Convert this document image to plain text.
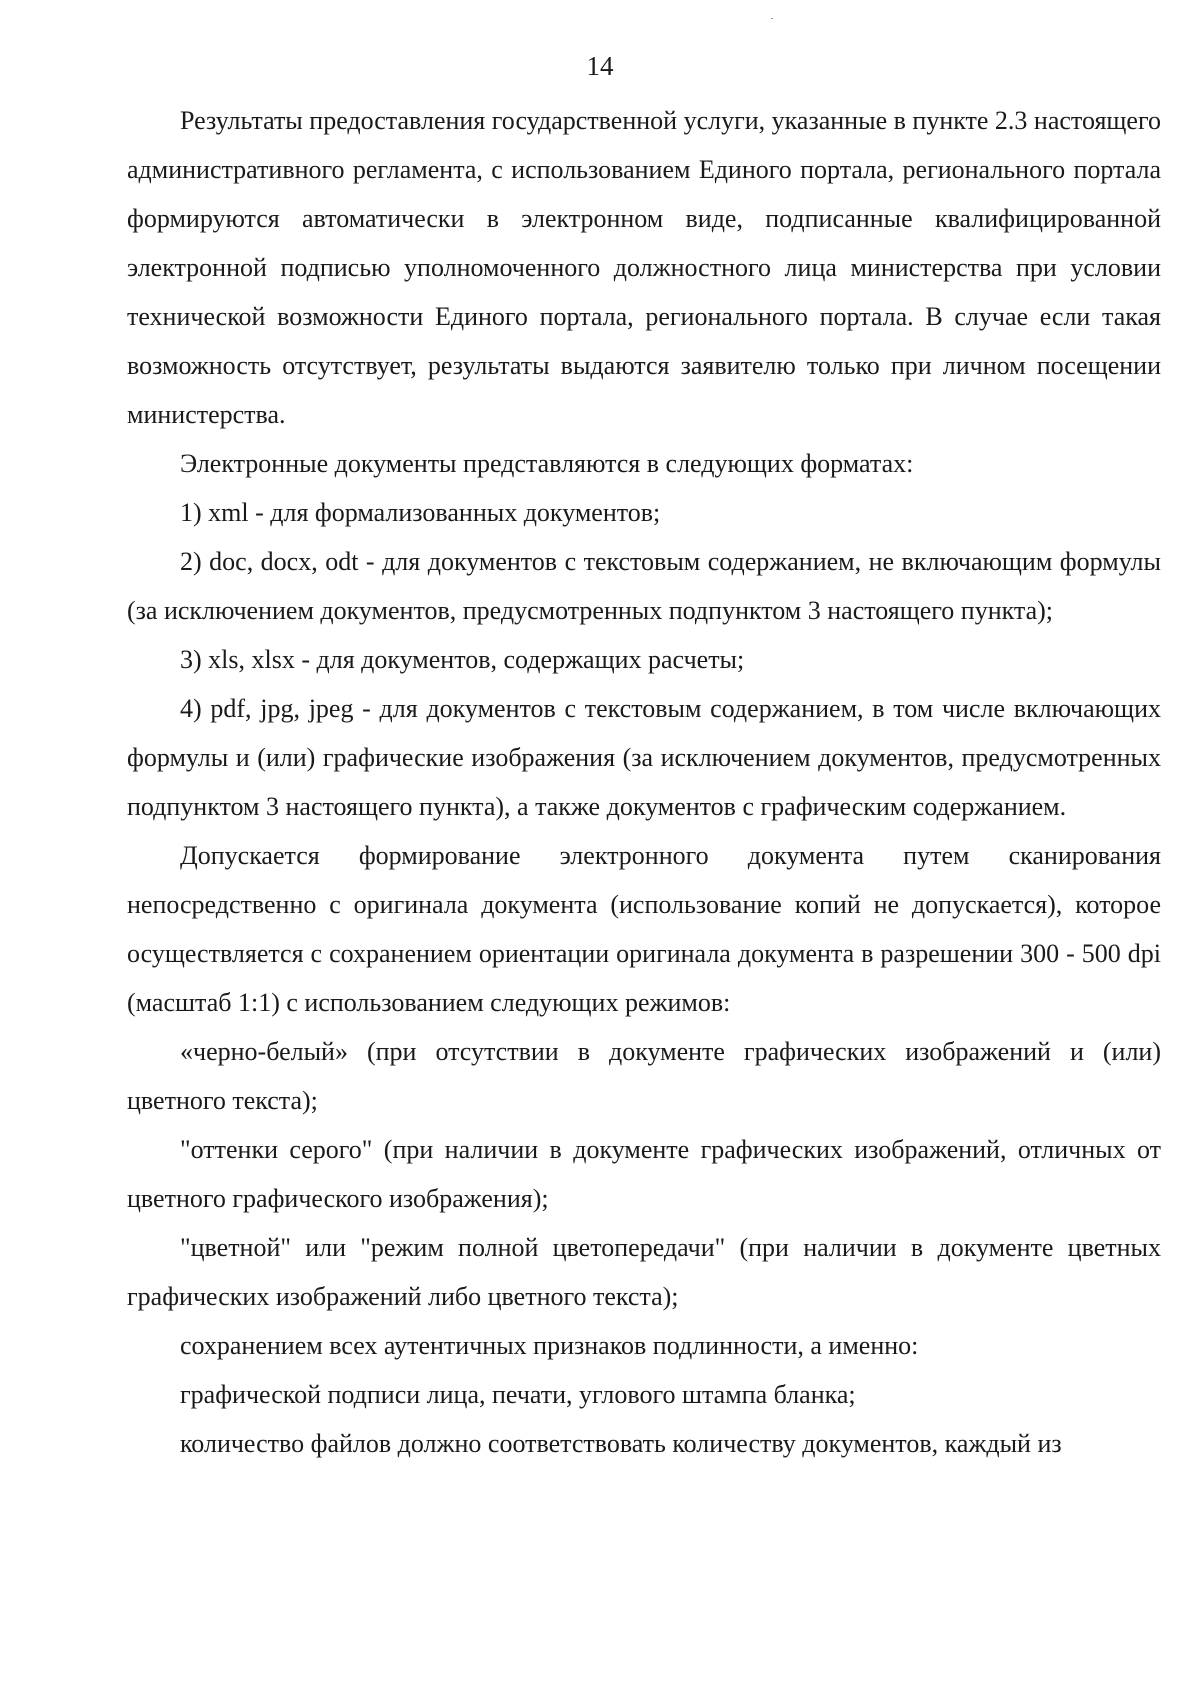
14

Результаты предоставления государственной услуги, указанные в пункте 2.3 настоящего административного регламента, с использованием Единого портала, регионального портала формируются автоматически в электронном виде, подписанные квалифицированной электронной подписью уполномоченного должностного лица министерства при условии технической возможности Единого портала, регионального портала. В случае если такая возможность отсутствует, результаты выдаются заявителю только при личном посещении министерства.

Электронные документы представляются в следующих форматах:

1) xml - для формализованных документов;

2) doc, docx, odt - для документов с текстовым содержанием, не включающим формулы (за исключением документов, предусмотренных подпунктом 3 настоящего пункта);

3) xls, xlsx - для документов, содержащих расчеты;

4) pdf, jpg, jpeg - для документов с текстовым содержанием, в том числе включающих формулы и (или) графические изображения (за исключением документов, предусмотренных подпунктом 3 настоящего пункта), а также документов с графическим содержанием.

Допускается формирование электронного документа путем сканирования непосредственно с оригинала документа (использование копий не допускается), которое осуществляется с сохранением ориентации оригинала документа в разрешении 300 - 500 dpi (масштаб 1:1) с использованием следующих режимов:

«черно-белый» (при отсутствии в документе графических изображений и (или) цветного текста);

"оттенки серого" (при наличии в документе графических изображений, отличных от цветного графического изображения);

"цветной" или "режим полной цветопередачи" (при наличии в документе цветных графических изображений либо цветного текста);

сохранением всех аутентичных признаков подлинности, а именно:

графической подписи лица, печати, углового штампа бланка;

количество файлов должно соответствовать количеству документов, каждый из
